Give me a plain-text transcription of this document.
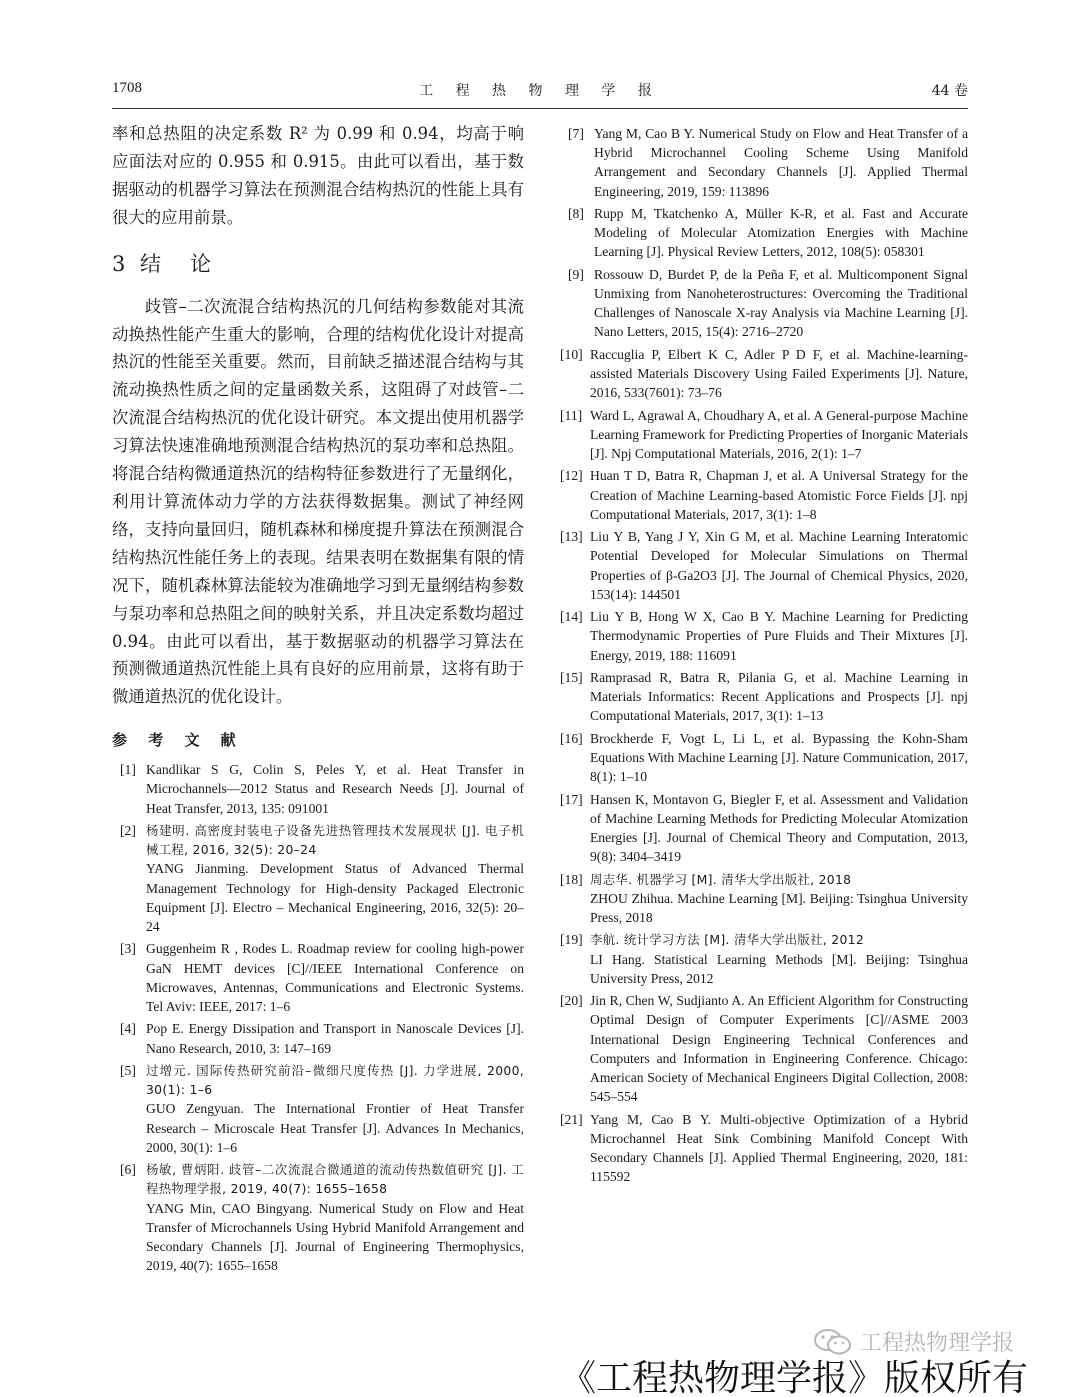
1708	工 程 热 物 理 学 报	44 卷

率和总热阻的决定系数 R² 为 0.99 和 0.94，均高于响应面法对应的 0.955 和 0.915。由此可以看出，基于数据驱动的机器学习算法在预测混合结构热沉的性能上具有很大的应用前景。

3 结　论

歧管–二次流混合结构热沉的几何结构参数能对其流动换热性能产生重大的影响，合理的结构优化设计对提高热沉的性能至关重要。然而，目前缺乏描述混合结构与其流动换热性质之间的定量函数关系，这阻碍了对歧管–二次流混合结构热沉的优化设计研究。本文提出使用机器学习算法快速准确地预测混合结构热沉的泵功率和总热阻。将混合结构微通道热沉的结构特征参数进行了无量纲化，利用计算流体动力学的方法获得数据集。测试了神经网络，支持向量回归，随机森林和梯度提升算法在预测混合结构热沉性能任务上的表现。结果表明在数据集有限的情况下，随机森林算法能较为准确地学习到无量纲结构参数与泵功率和总热阻之间的映射关系，并且决定系数均超过 0.94。由此可以看出，基于数据驱动的机器学习算法在预测微通道热沉性能上具有良好的应用前景，这将有助于微通道热沉的优化设计。

参 考 文 献
[1] Kandlikar S G, Colin S, Peles Y, et al. Heat Transfer in Microchannels—2012 Status and Research Needs [J]. Journal of Heat Transfer, 2013, 135: 091001
[2] 杨建明. 高密度封装电子设备先进热管理技术发展现状 [J]. 电子机械工程, 2016, 32(5): 20–24
YANG Jianming. Development Status of Advanced Thermal Management Technology for High-density Packaged Electronic Equipment [J]. Electro – Mechanical Engineering, 2016, 32(5): 20–24
[3] Guggenheim R , Rodes L. Roadmap review for cooling high-power GaN HEMT devices [C]//IEEE International Conference on Microwaves, Antennas, Communications and Electronic Systems. Tel Aviv: IEEE, 2017: 1–6
[4] Pop E. Energy Dissipation and Transport in Nanoscale Devices [J]. Nano Research, 2010, 3: 147–169
[5] 过增元. 国际传热研究前沿–微细尺度传热 [J]. 力学进展, 2000, 30(1): 1–6
GUO Zengyuan. The International Frontier of Heat Transfer Research – Microscale Heat Transfer [J]. Advances In Mechanics, 2000, 30(1): 1–6
[6] 杨敏, 曹炳阳. 歧管–二次流混合微通道的流动传热数值研究 [J]. 工程热物理学报, 2019, 40(7): 1655–1658
YANG Min, CAO Bingyang. Numerical Study on Flow and Heat Transfer of Microchannels Using Hybrid Manifold Arrangement and Secondary Channels [J]. Journal of Engineering Thermophysics, 2019, 40(7): 1655–1658
[7] Yang M, Cao B Y. Numerical Study on Flow and Heat Transfer of a Hybrid Microchannel Cooling Scheme Using Manifold Arrangement and Secondary Channels [J]. Applied Thermal Engineering, 2019, 159: 113896
[8] Rupp M, Tkatchenko A, Müller K-R, et al. Fast and Accurate Modeling of Molecular Atomization Energies with Machine Learning [J]. Physical Review Letters, 2012, 108(5): 058301
[9] Rossouw D, Burdet P, de la Peña F, et al. Multicomponent Signal Unmixing from Nanoheterostructures: Overcoming the Traditional Challenges of Nanoscale X-ray Analysis via Machine Learning [J]. Nano Letters, 2015, 15(4): 2716–2720
[10] Raccuglia P, Elbert K C, Adler P D F, et al. Machine-learning-assisted Materials Discovery Using Failed Experiments [J]. Nature, 2016, 533(7601): 73–76
[11] Ward L, Agrawal A, Choudhary A, et al. A General-purpose Machine Learning Framework for Predicting Properties of Inorganic Materials [J]. Npj Computational Materials, 2016, 2(1): 1–7
[12] Huan T D, Batra R, Chapman J, et al. A Universal Strategy for the Creation of Machine Learning-based Atomistic Force Fields [J]. npj Computational Materials, 2017, 3(1): 1–8
[13] Liu Y B, Yang J Y, Xin G M, et al. Machine Learning Interatomic Potential Developed for Molecular Simulations on Thermal Properties of β-Ga2O3 [J]. The Journal of Chemical Physics, 2020, 153(14): 144501
[14] Liu Y B, Hong W X, Cao B Y. Machine Learning for Predicting Thermodynamic Properties of Pure Fluids and Their Mixtures [J]. Energy, 2019, 188: 116091
[15] Ramprasad R, Batra R, Pilania G, et al. Machine Learning in Materials Informatics: Recent Applications and Prospects [J]. npj Computational Materials, 2017, 3(1): 1–13
[16] Brockherde F, Vogt L, Li L, et al. Bypassing the Kohn-Sham Equations With Machine Learning [J]. Nature Communication, 2017, 8(1): 1–10
[17] Hansen K, Montavon G, Biegler F, et al. Assessment and Validation of Machine Learning Methods for Predicting Molecular Atomization Energies [J]. Journal of Chemical Theory and Computation, 2013, 9(8): 3404–3419
[18] 周志华. 机器学习 [M]. 清华大学出版社, 2018
ZHOU Zhihua. Machine Learning [M]. Beijing: Tsinghua University Press, 2018
[19] 李航. 统计学习方法 [M]. 清华大学出版社, 2012
LI Hang. Statistical Learning Methods [M]. Beijing: Tsinghua University Press, 2012
[20] Jin R, Chen W, Sudjianto A. An Efficient Algorithm for Constructing Optimal Design of Computer Experiments [C]//ASME 2003 International Design Engineering Technical Conferences and Computers and Information in Engineering Conference. Chicago: American Society of Mechanical Engineers Digital Collection, 2008: 545–554
[21] Yang M, Cao B Y. Multi-objective Optimization of a Hybrid Microchannel Heat Sink Combining Manifold Concept With Secondary Channels [J]. Applied Thermal Engineering, 2020, 181: 115592
工程热物理学报
《工程热物理学报》版权所有
